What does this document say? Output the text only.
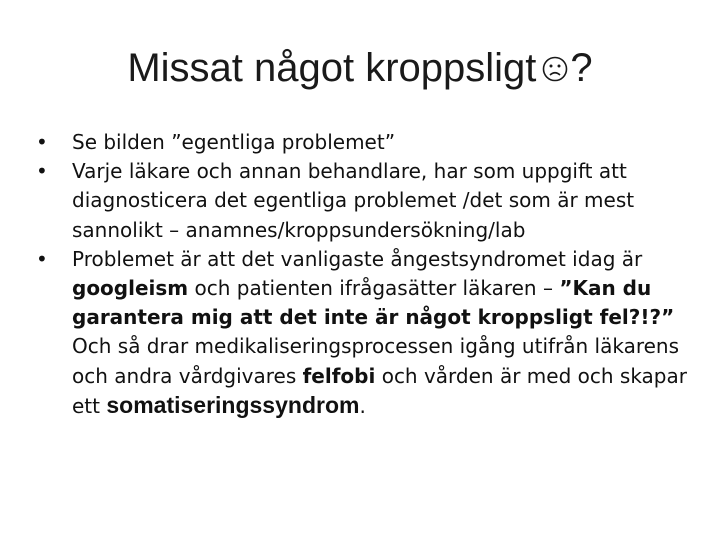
Missat något kroppsligt ?
• Se bilden ”egentliga problemet”
• Varje läkare och annan behandlare, har som uppgift att diagnosticera det egentliga problemet /det som är mest sannolikt – anamnes/kroppsundersökning/lab
• Problemet är att det vanligaste ångestsyndromet idag är googleism och patienten ifrågasätter läkaren – ”Kan du garantera mig att det inte är något kroppsligt fel?!?” Och så drar medikaliseringsprocessen igång utifrån läkarens och andra vårdgivares felfobi och vården är med och skapar ett somatiseringssyndrom.
